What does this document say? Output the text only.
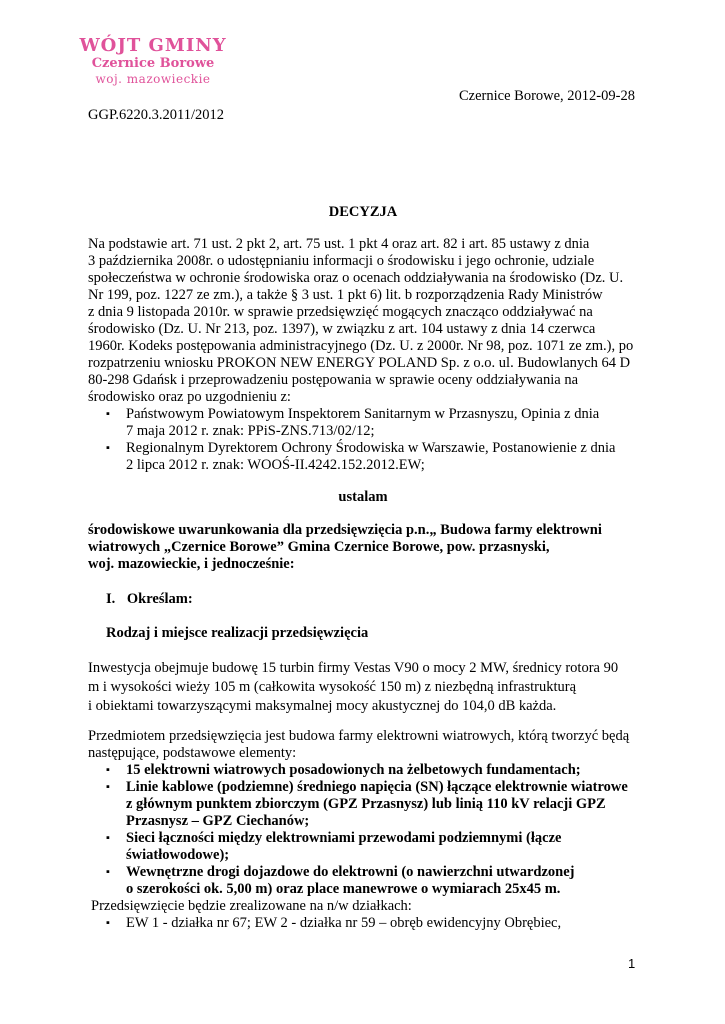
WÓJT GMINY
Czernice Borowe
woj. mazowieckie
Czernice Borowe, 2012-09-28
GGP.6220.3.2011/2012
DECYZJA
Na podstawie art. 71 ust. 2 pkt 2, art. 75 ust. 1 pkt 4 oraz art. 82 i art. 85 ustawy z dnia
3 października 2008r. o udostępnianiu informacji o środowisku i jego ochronie, udziale
społeczeństwa w ochronie środowiska oraz o ocenach oddziaływania na środowisko (Dz. U.
Nr 199, poz. 1227 ze zm.), a także § 3 ust. 1 pkt 6) lit. b rozporządzenia Rady Ministrów
z dnia 9 listopada 2010r. w sprawie przedsięwzięć mogących znacząco oddziaływać na
środowisko (Dz. U. Nr 213, poz. 1397), w związku z art. 104 ustawy z dnia 14 czerwca
1960r. Kodeks postępowania administracyjnego (Dz. U. z 2000r. Nr 98, poz. 1071 ze zm.), po
rozpatrzeniu wniosku PROKON NEW ENERGY POLAND Sp. z o.o. ul. Budowlanych 64 D
80-298 Gdańsk i przeprowadzeniu postępowania w sprawie oceny oddziaływania na
środowisko oraz po uzgodnieniu z:
▪ Państwowym Powiatowym Inspektorem Sanitarnym w Przasnyszu, Opinia z dnia
7 maja 2012 r. znak: PPiS-ZNS.713/02/12;
▪ Regionalnym Dyrektorem Ochrony Środowiska w Warszawie, Postanowienie z dnia
2 lipca 2012 r. znak: WOOŚ-II.4242.152.2012.EW;
ustalam
środowiskowe uwarunkowania dla przedsięwzięcia p.n.„ Budowa farmy elektrowni
wiatrowych „Czernice Borowe” Gmina Czernice Borowe, pow. przasnyski,
woj. mazowieckie, i jednocześnie:
I. Określam:
Rodzaj i miejsce realizacji przedsięwzięcia
Inwestycja obejmuje budowę 15 turbin firmy Vestas V90 o mocy 2 MW, średnicy rotora 90
m i wysokości wieży 105 m (całkowita wysokość 150 m) z niezbędną infrastrukturą
i obiektami towarzyszącymi maksymalnej mocy akustycznej do 104,0 dB każda.
Przedmiotem przedsięwzięcia jest budowa farmy elektrowni wiatrowych, którą tworzyć będą
następujące, podstawowe elementy:
▪ 15 elektrowni wiatrowych posadowionych na żelbetowych fundamentach;
▪ Linie kablowe (podziemne) średniego napięcia (SN) łączące elektrownie wiatrowe
z głównym punktem zbiorczym (GPZ Przasnysz) lub linią 110 kV relacji GPZ
Przasnysz – GPZ Ciechanów;
▪ Sieci łączności między elektrowniami przewodami podziemnymi (łącze
światłowodowe);
▪ Wewnętrzne drogi dojazdowe do elektrowni (o nawierzchni utwardzonej
o szerokości ok. 5,00 m) oraz place manewrowe o wymiarach 25x45 m.
Przedsięwzięcie będzie zrealizowane na n/w działkach:
▪ EW 1 - działka nr 67; EW 2 - działka nr 59 – obręb ewidencyjny Obrębiec,
1
